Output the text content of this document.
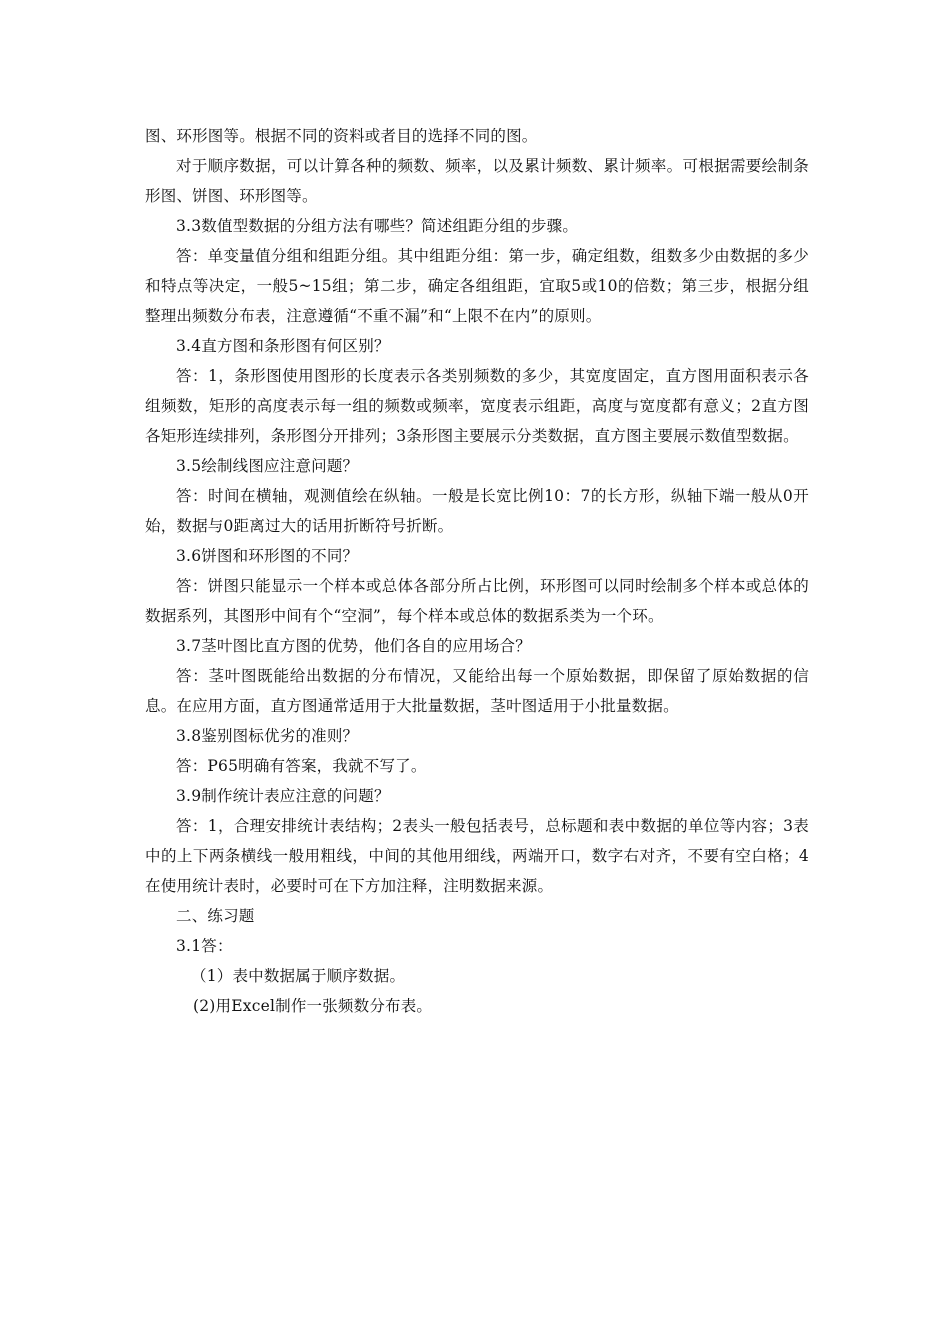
图、环形图等。根据不同的资料或者目的选择不同的图。

对于顺序数据，可以计算各种的频数、频率，以及累计频数、累计频率。可根据需要绘制条形图、饼图、环形图等。

3.3数值型数据的分组方法有哪些？简述组距分组的步骤。

答：单变量值分组和组距分组。其中组距分组：第一步，确定组数，组数多少由数据的多少和特点等决定，一般5~15组；第二步，确定各组组距，宜取5或10的倍数；第三步，根据分组整理出频数分布表，注意遵循“不重不漏”和“上限不在内”的原则。

3.4直方图和条形图有何区别？

答：1，条形图使用图形的长度表示各类别频数的多少，其宽度固定，直方图用面积表示各组频数，矩形的高度表示每一组的频数或频率，宽度表示组距，高度与宽度都有意义；2直方图各矩形连续排列，条形图分开排列；3条形图主要展示分类数据，直方图主要展示数值型数据。

3.5绘制线图应注意问题？

答：时间在横轴，观测值绘在纵轴。一般是长宽比例10：7的长方形，纵轴下端一般从0开始，数据与0距离过大的话用折断符号折断。

3.6饼图和环形图的不同？

答：饼图只能显示一个样本或总体各部分所占比例，环形图可以同时绘制多个样本或总体的数据系列，其图形中间有个“空洞”，每个样本或总体的数据系类为一个环。

3.7茎叶图比直方图的优势，他们各自的应用场合？

答：茎叶图既能给出数据的分布情况，又能给出每一个原始数据，即保留了原始数据的信息。在应用方面，直方图通常适用于大批量数据，茎叶图适用于小批量数据。

3.8鉴别图标优劣的准则？

答：P65明确有答案，我就不写了。

3.9制作统计表应注意的问题？

答：1，合理安排统计表结构；2表头一般包括表号，总标题和表中数据的单位等内容；3表中的上下两条横线一般用粗线，中间的其他用细线，两端开口，数字右对齐，不要有空白格；4在使用统计表时，必要时可在下方加注释，注明数据来源。

二、练习题

3.1答：

（1）表中数据属于顺序数据。

(2)用Excel制作一张频数分布表。
